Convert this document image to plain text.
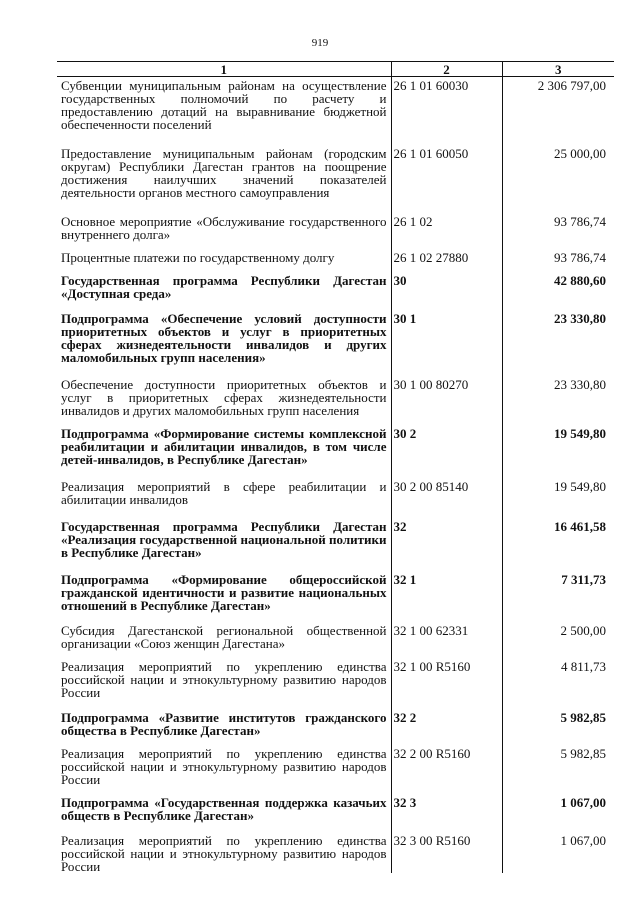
919
1	2	3
Субвенции муниципальным районам на осуществление государственных полномочий по расчету и предоставлению дотаций на выравнивание бюджетной обеспеченности поселений	26 1 01 60030	2 306 797,00
Предоставление муниципальным районам (городским округам) Республики Дагестан грантов на поощрение достижения наилучших значений показателей деятельности органов местного самоуправления	26 1 01 60050	25 000,00
Основное мероприятие «Обслуживание государственного внутреннего долга»	26 1 02	93 786,74
Процентные платежи по государственному долгу	26 1 02 27880	93 786,74
Государственная программа Республики Дагестан «Доступная среда»	30	42 880,60
Подпрограмма «Обеспечение условий доступности приоритетных объектов и услуг в приоритетных сферах жизнедеятельности инвалидов и других маломобильных групп населения»	30 1	23 330,80
Обеспечение доступности приоритетных объектов и услуг в приоритетных сферах жизнедеятельности инвалидов и других маломобильных групп населения	30 1 00 80270	23 330,80
Подпрограмма «Формирование системы комплексной реабилитации и абилитации инвалидов, в том числе детей-инвалидов, в Республике Дагестан»	30 2	19 549,80
Реализация мероприятий в сфере реабилитации и абилитации инвалидов	30 2 00 85140	19 549,80
Государственная программа Республики Дагестан «Реализация государственной национальной политики в Республике Дагестан»	32	16 461,58
Подпрограмма «Формирование общероссийской гражданской идентичности и развитие национальных отношений в Республике Дагестан»	32 1	7 311,73
Субсидия Дагестанской региональной общественной организации «Союз женщин Дагестана»	32 1 00 62331	2 500,00
Реализация мероприятий по укреплению единства российской нации и этнокультурному развитию народов России	32 1 00 R5160	4 811,73
Подпрограмма «Развитие институтов гражданского общества в Республике Дагестан»	32 2	5 982,85
Реализация мероприятий по укреплению единства российской нации и этнокультурному развитию народов России	32 2 00 R5160	5 982,85
Подпрограмма «Государственная поддержка казачьих обществ в Республике Дагестан»	32 3	1 067,00
Реализация мероприятий по укреплению единства российской нации и этнокультурному развитию народов России	32 3 00 R5160	1 067,00
